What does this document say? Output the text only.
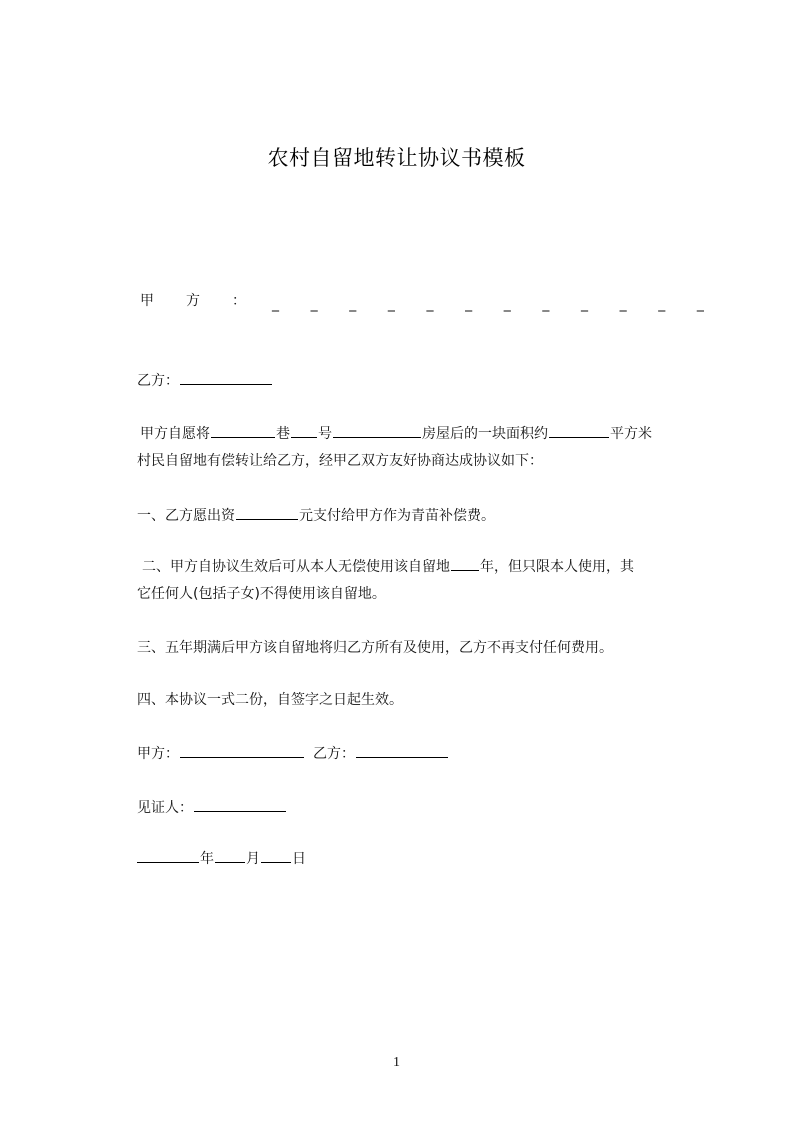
农村自留地转让协议书模板
甲 方 ： _ _ _ _ _ _ _ _ _ _ _ _
乙方：
甲方自愿将	巷 号	房屋后的一块面积约	平方米
村民自留地有偿转让给乙方，经甲乙双方友好协商达成协议如下：
一、乙方愿出资	元支付给甲方作为青苗补偿费。
二、甲方自协议生效后可从本人无偿使用该自留地 年，但只限本人使用，其
它任何人(包括子女)不得使用该自留地。
三、五年期满后甲方该自留地将归乙方所有及使用，乙方不再支付任何费用。
四、本协议一式二份，自签字之日起生效。
甲方：	乙方：
见证人：
年 月 日
1
